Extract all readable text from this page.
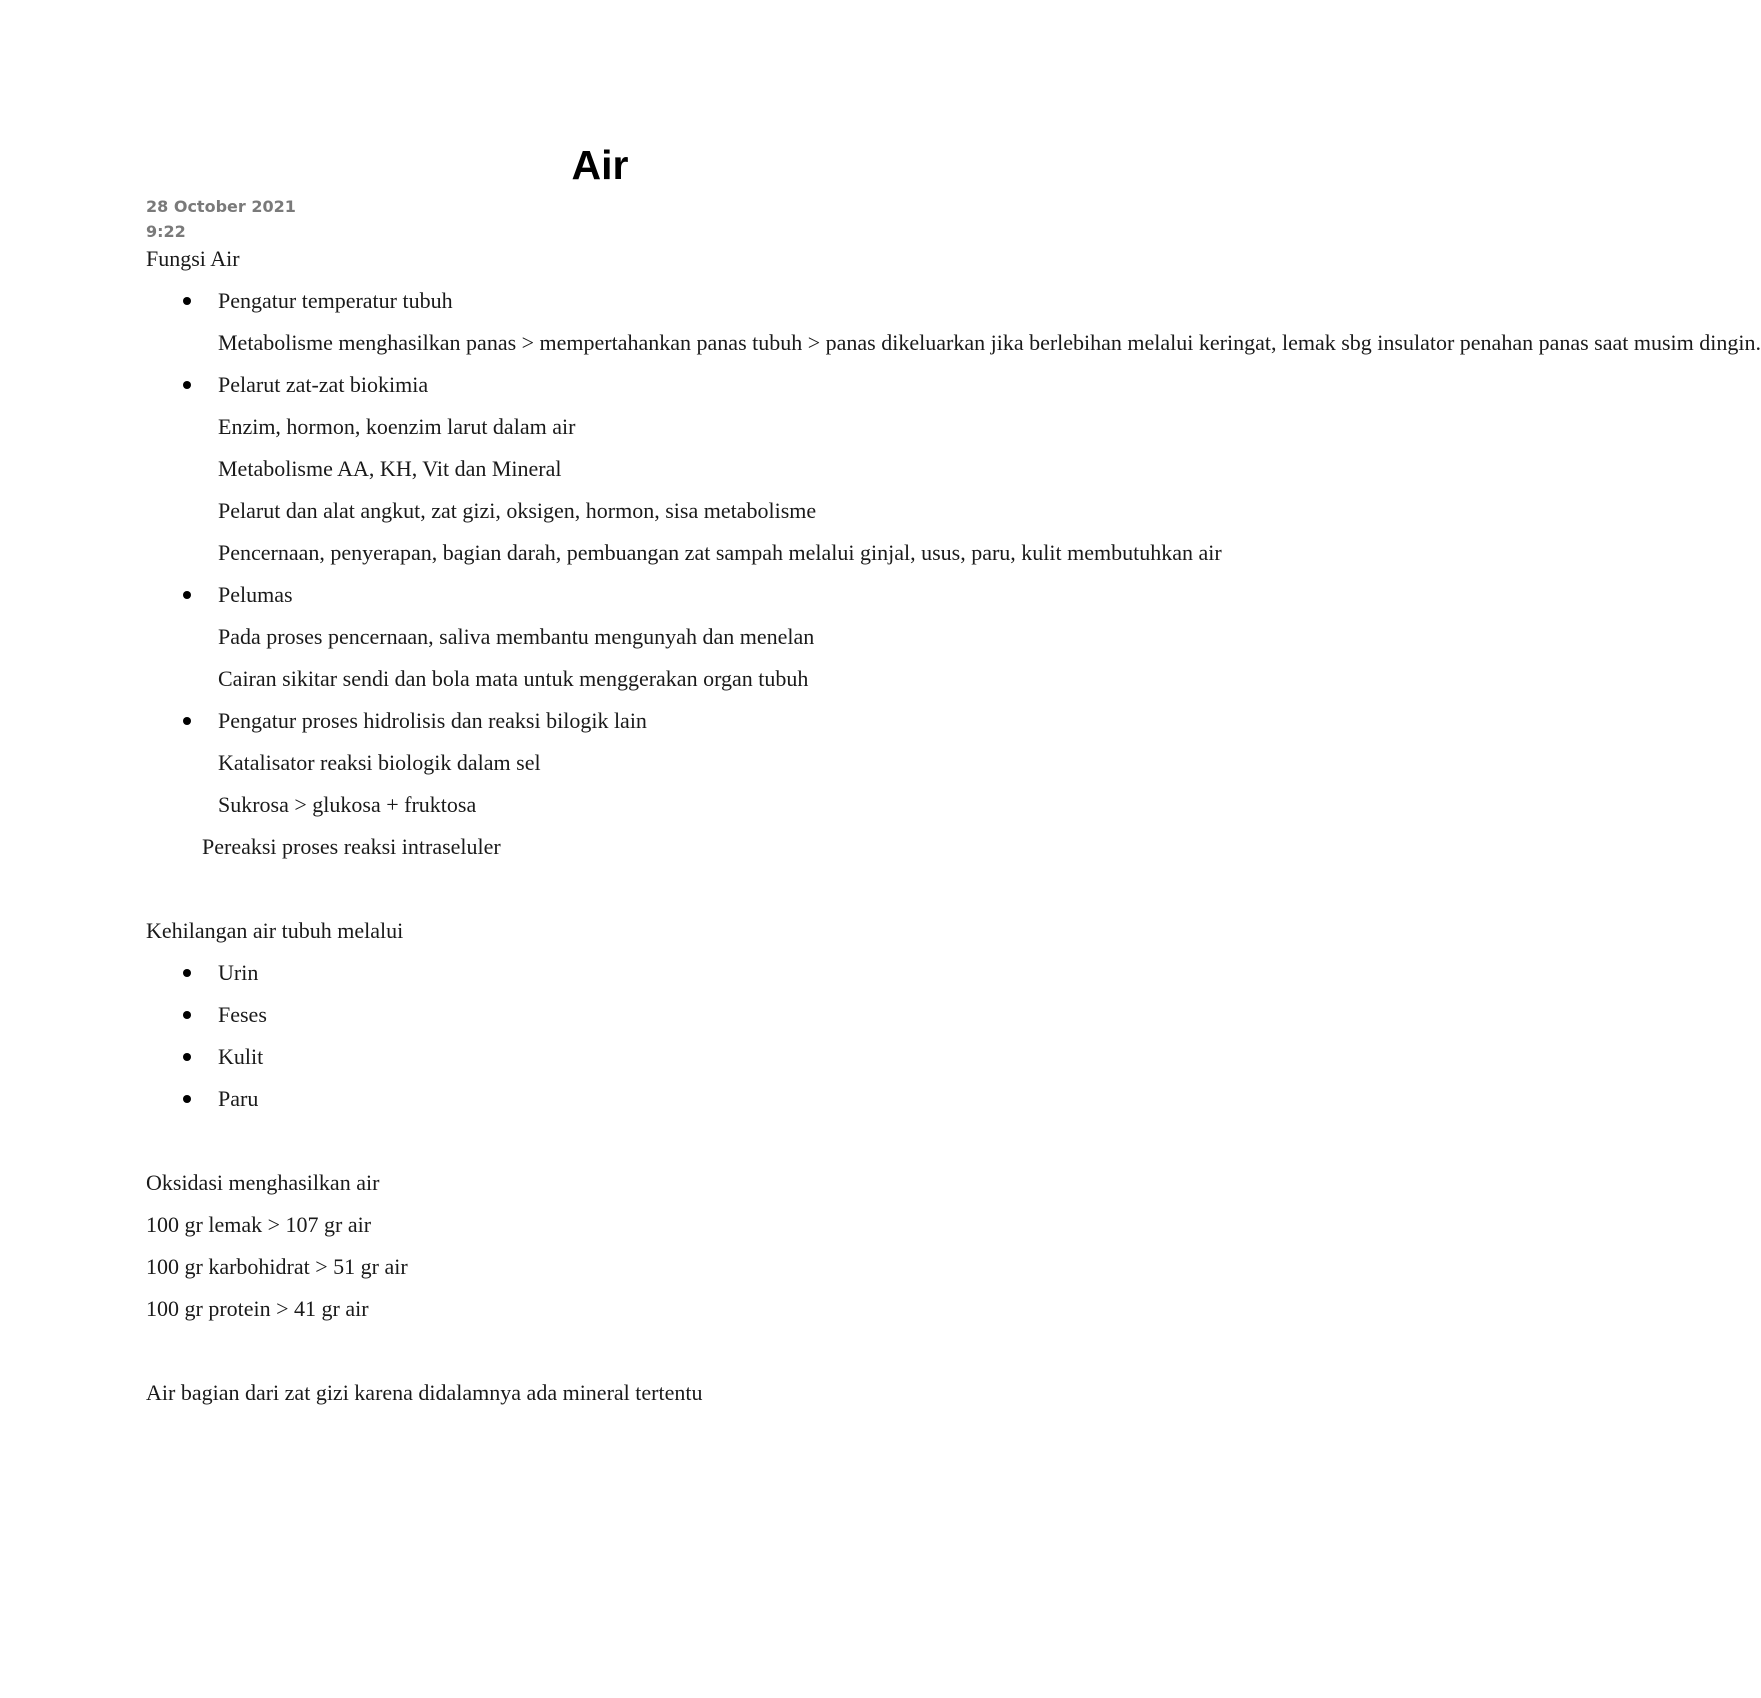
Air
28 October 2021
9:22

Fungsi Air

Pengatur temperatur tubuh

Metabolisme menghasilkan panas > mempertahankan panas tubuh > panas dikeluarkan jika berlebihan melalui keringat, lemak sbg insulator penahan panas saat musim dingin.

Pelarut zat-zat biokimia

Enzim, hormon, koenzim larut dalam air

Metabolisme AA, KH, Vit dan Mineral

Pelarut dan alat angkut, zat gizi, oksigen, hormon, sisa metabolisme

Pencernaan, penyerapan, bagian darah, pembuangan zat sampah melalui ginjal, usus, paru, kulit membutuhkan air

Pelumas

Pada proses pencernaan, saliva membantu mengunyah dan menelan

Cairan sikitar sendi dan bola mata untuk menggerakan organ tubuh

Pengatur proses hidrolisis dan reaksi bilogik lain

Katalisator reaksi biologik dalam sel

Sukrosa > glukosa + fruktosa

Pereaksi proses reaksi intraseluler

Kehilangan air tubuh melalui

Urin

Feses

Kulit

Paru

Oksidasi menghasilkan air

100 gr lemak > 107 gr air

100 gr karbohidrat > 51 gr air

100 gr protein > 41 gr air

Air bagian dari zat gizi karena didalamnya ada mineral tertentu
